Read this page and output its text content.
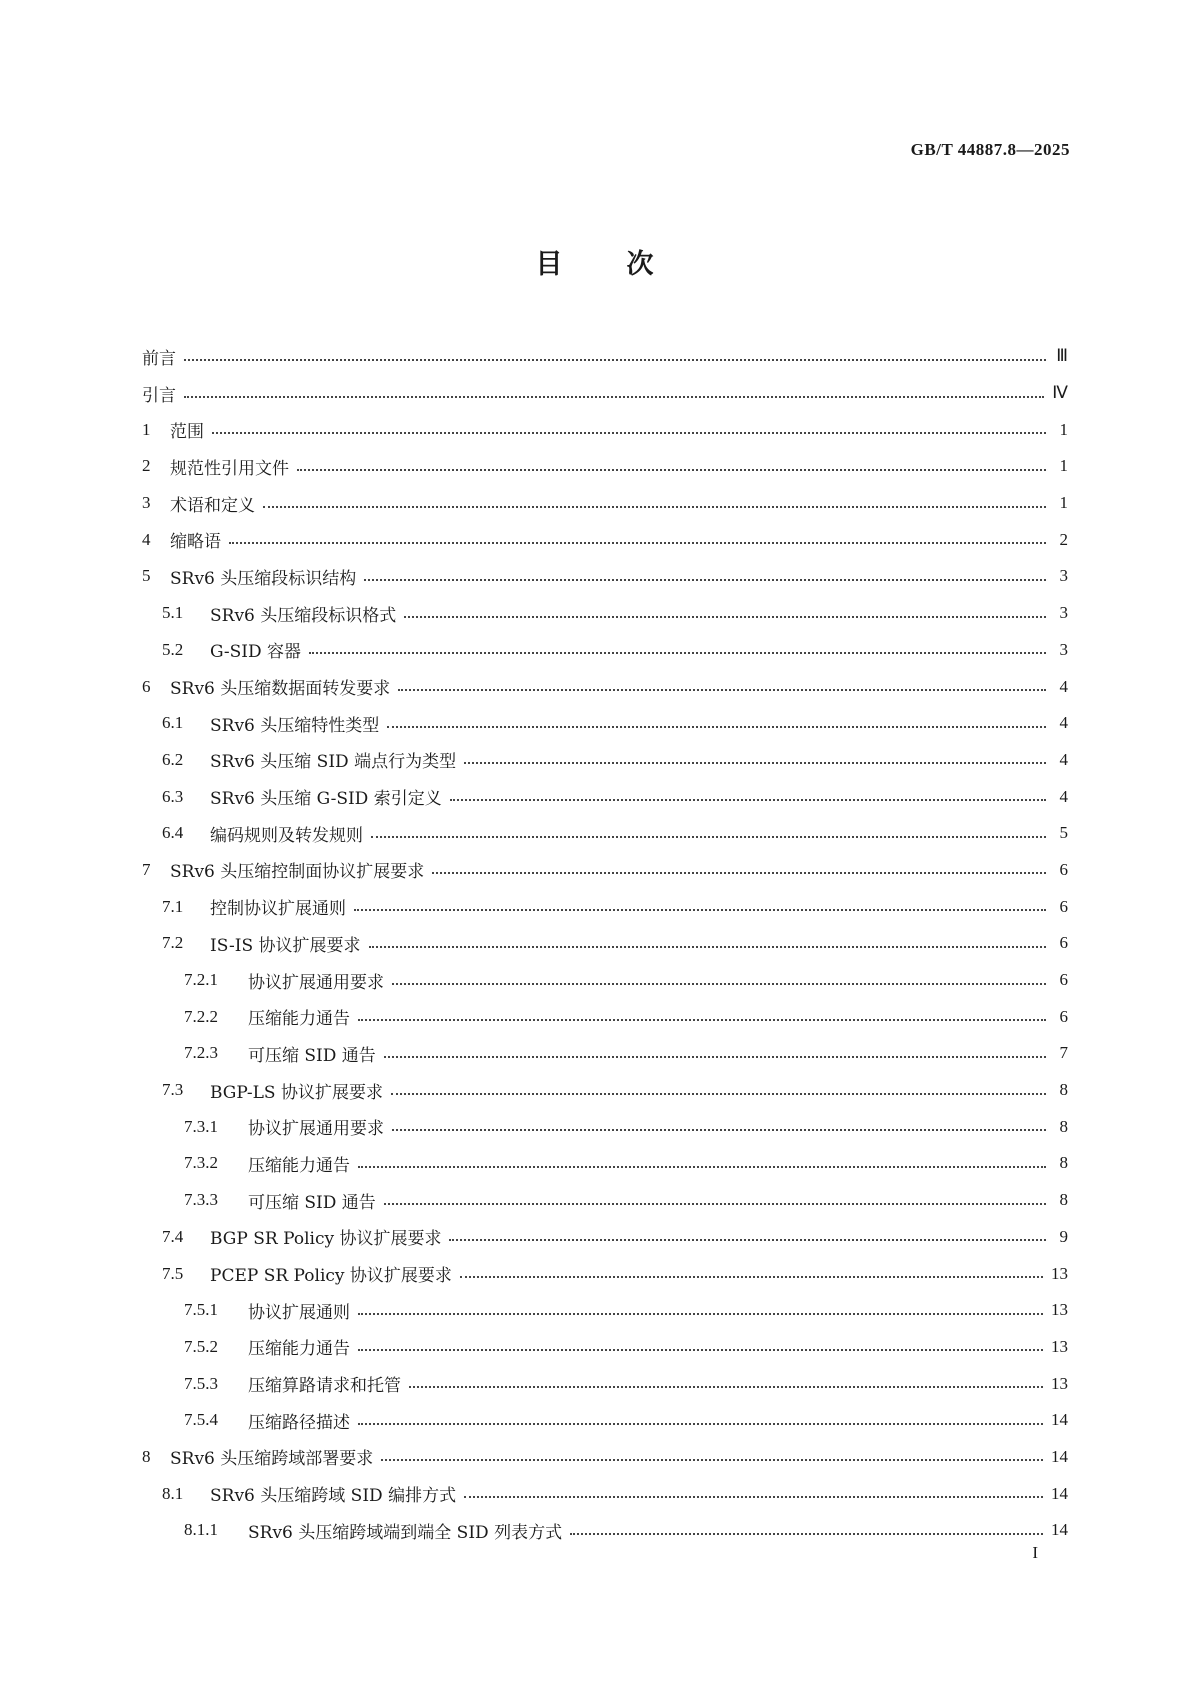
GB/T 44887.8—2025
目 次
前言	Ⅲ
引言	Ⅳ
1	范围	1
2	规范性引用文件	1
3	术语和定义	1
4	缩略语	2
5	SRv6 头压缩段标识结构	3
5.1	SRv6 头压缩段标识格式	3
5.2	G-SID 容器	3
6	SRv6 头压缩数据面转发要求	4
6.1	SRv6 头压缩特性类型	4
6.2	SRv6 头压缩 SID 端点行为类型	4
6.3	SRv6 头压缩 G-SID 索引定义	4
6.4	编码规则及转发规则	5
7	SRv6 头压缩控制面协议扩展要求	6
7.1	控制协议扩展通则	6
7.2	IS-IS 协议扩展要求	6
7.2.1	协议扩展通用要求	6
7.2.2	压缩能力通告	6
7.2.3	可压缩 SID 通告	7
7.3	BGP-LS 协议扩展要求	8
7.3.1	协议扩展通用要求	8
7.3.2	压缩能力通告	8
7.3.3	可压缩 SID 通告	8
7.4	BGP SR Policy 协议扩展要求	9
7.5	PCEP SR Policy 协议扩展要求	13
7.5.1	协议扩展通则	13
7.5.2	压缩能力通告	13
7.5.3	压缩算路请求和托管	13
7.5.4	压缩路径描述	14
8	SRv6 头压缩跨域部署要求	14
8.1	SRv6 头压缩跨域 SID 编排方式	14
8.1.1	SRv6 头压缩跨域端到端全 SID 列表方式	14
I
